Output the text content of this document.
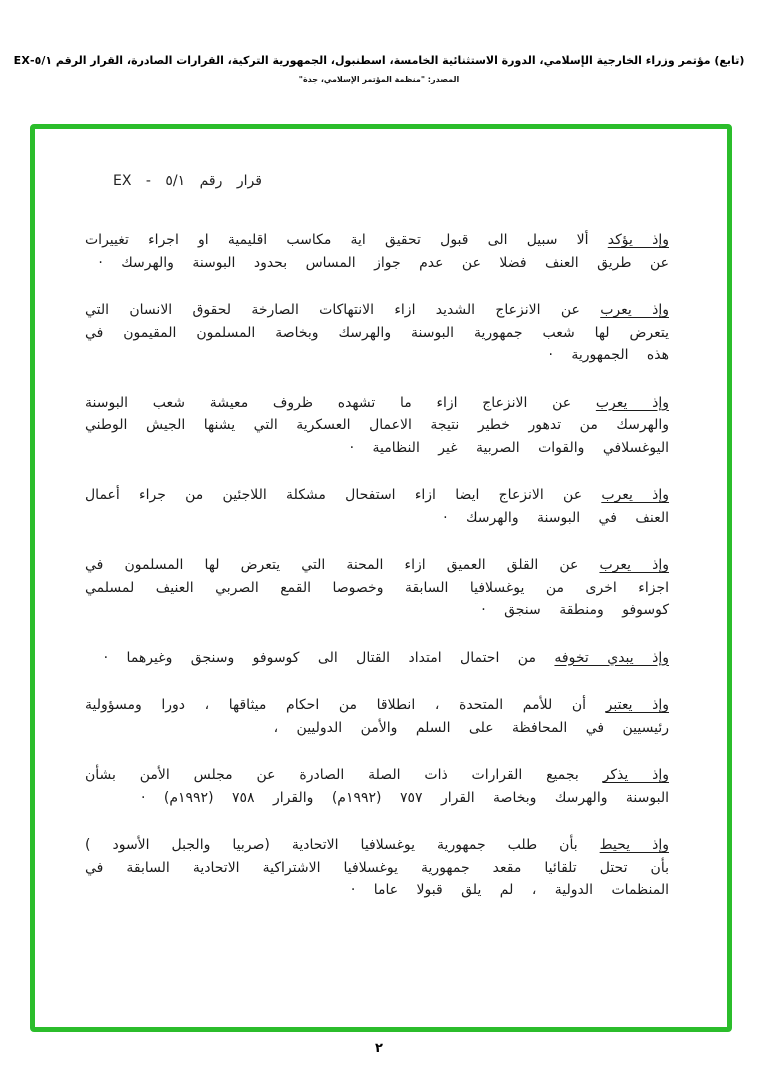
(تابع) مؤتمر وزراء الخارجية الإسلامي، الدورة الاستثنائية الخامسة، اسطنبول، الجمهورية التركية، القرارات الصادرة، القرار الرقم ٥/١-EX
المصدر: "منظمة المؤتمر الإسلامي، جدة"
قرار رقم ٥/١ - EX

وإذ يؤكد ألا سبيل الى قبول تحقيق اية مكاسب اقليمية او اجراء تغييرات عن طريق العنف فضلا عن عدم جواز المساس بحدود البوسنة والهرسك ·

وإذ يعرب عن الانزعاج الشديد ازاء الانتهاكات الصارخة لحقوق الانسان التي يتعرض لها شعب جمهورية البوسنة والهرسك وبخاصة المسلمون المقيمون في هذه الجمهورية ·

وإذ يعرب عن الانزعاج ازاء ما تشهده ظروف معيشة شعب البوسنة والهرسك من تدهور خطير نتيجة الاعمال العسكرية التي يشنها الجيش الوطني اليوغسلافي والقوات الصربية غير النظامية ·

وإذ يعرب عن الانزعاج ايضا ازاء استفحال مشكلة اللاجئين من جراء أعمال العنف في البوسنة والهرسك ·

وإذ يعرب عن القلق العميق ازاء المحنة التي يتعرض لها المسلمون في اجزاء اخرى من يوغسلافيا السابقة وخصوصا القمع الصربي العنيف لمسلمي كوسوفو ومنطقة سنجق ·

وإذ يبدي تخوفه من احتمال امتداد القتال الى كوسوفو وسنجق وغيرهما ·

وإذ يعتبر أن للأمم المتحدة ، انطلاقا من احكام ميثاقها ، دورا ومسؤولية رئيسيين في المحافظة على السلم والأمن الدوليين ،

وإذ يذكر بجميع القرارات ذات الصلة الصادرة عن مجلس الأمن بشأن البوسنة والهرسك وبخاصة القرار ٧٥٧ (١٩٩٢م) والقرار ٧٥٨ (١٩٩٢م) ·

وإذ يحيط بأن طلب جمهورية يوغسلافيا الاتحادية (صربيا والجبل الأسود ) بأن تحتل تلقائيا مقعد جمهورية يوغسلافيا الاشتراكية الاتحادية السابقة في المنظمات الدولية ، لم يلق قبولا عاما ·

٢
